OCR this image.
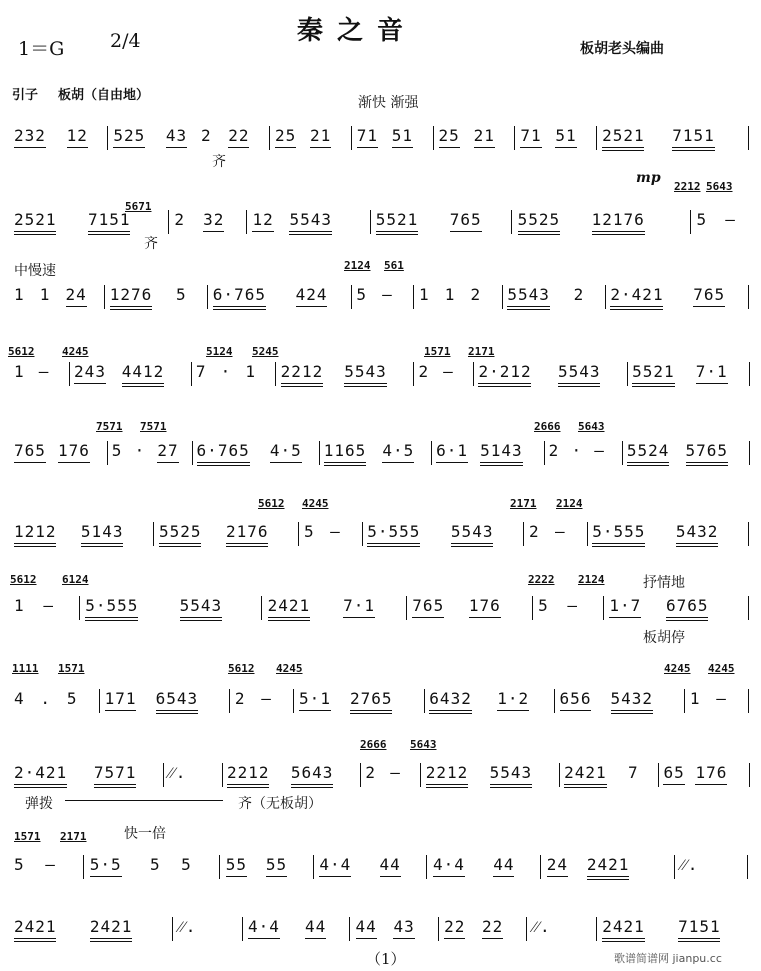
秦之音
1＝G 2/4	板胡老头编曲
引子 板胡（自由地）	渐快 渐强
齐
齐
mp
中慢速
抒情地
板胡停
弹拨	齐（无板胡）
快一倍
232 12 525 43 2 22 25 21 71 51 25 21 71 51 2521 7151
2521 7151	2 32 12 5543	5521 765 5525 12176	5 —
1 1 24 1276 5 6·765 424 5 — 1 1 2 5543 2 2·421 765
1 — 243 4412 7 · 1 2212 5543 2 — 2·212 5543 5521 7·1
765 176 5 · 27 6·765 4·5 1165 4·5 6·1 5143 2 · — 5524 5765
1212 5143 5525 2176 5 — 5·555 5543 2 — 5·555 5432
1 — 5·555	5543	2421 7·1 765 176 5 — 1·7 6765
4 . 5 171 6543 2 — 5·1 2765 6432 1·2 656 5432 1 —
2·421 7571 ⁄⁄.	2212 5643 2 — 2212 5543 2421 7 65 176
5 — 5·5 5 5 55 55 4·4 44 4·4 44 24 2421	⁄⁄.
2421 2421	⁄⁄.	4·4 44 44 43 22 22 ⁄⁄.	2421 7151
5612	4245	5124 5245	1571 2171
7571 7571	2666 5643
5612 4245	2171 2124
5612 6124	2222 2124
1111 1571	5612 4245	4245 4245
2666 5643
1571 2171
2212 5643
5671
2124 561
（1）	歌谱简谱网 jianpu.cc
